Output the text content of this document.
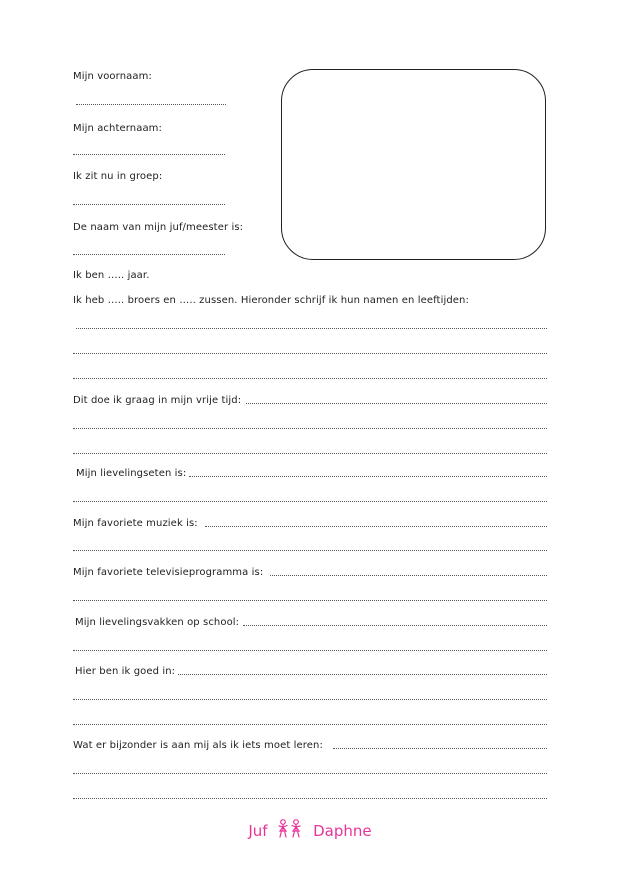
Mijn voornaam:
Mijn achternaam:
Ik zit nu in groep:
De naam van mijn juf/meester is:
Ik ben ….. jaar.
Ik heb ….. broers en ….. zussen. Hieronder schrijf ik hun namen en leeftijden:
Dit doe ik graag in mijn vrije tijd:
Mijn lievelingseten is:
Mijn favoriete muziek is:
Mijn favoriete televisieprogramma is:
Mijn lievelingsvakken op school:
Hier ben ik goed in:
Wat er bijzonder is aan mij als ik iets moet leren:
Juf	Daphne
